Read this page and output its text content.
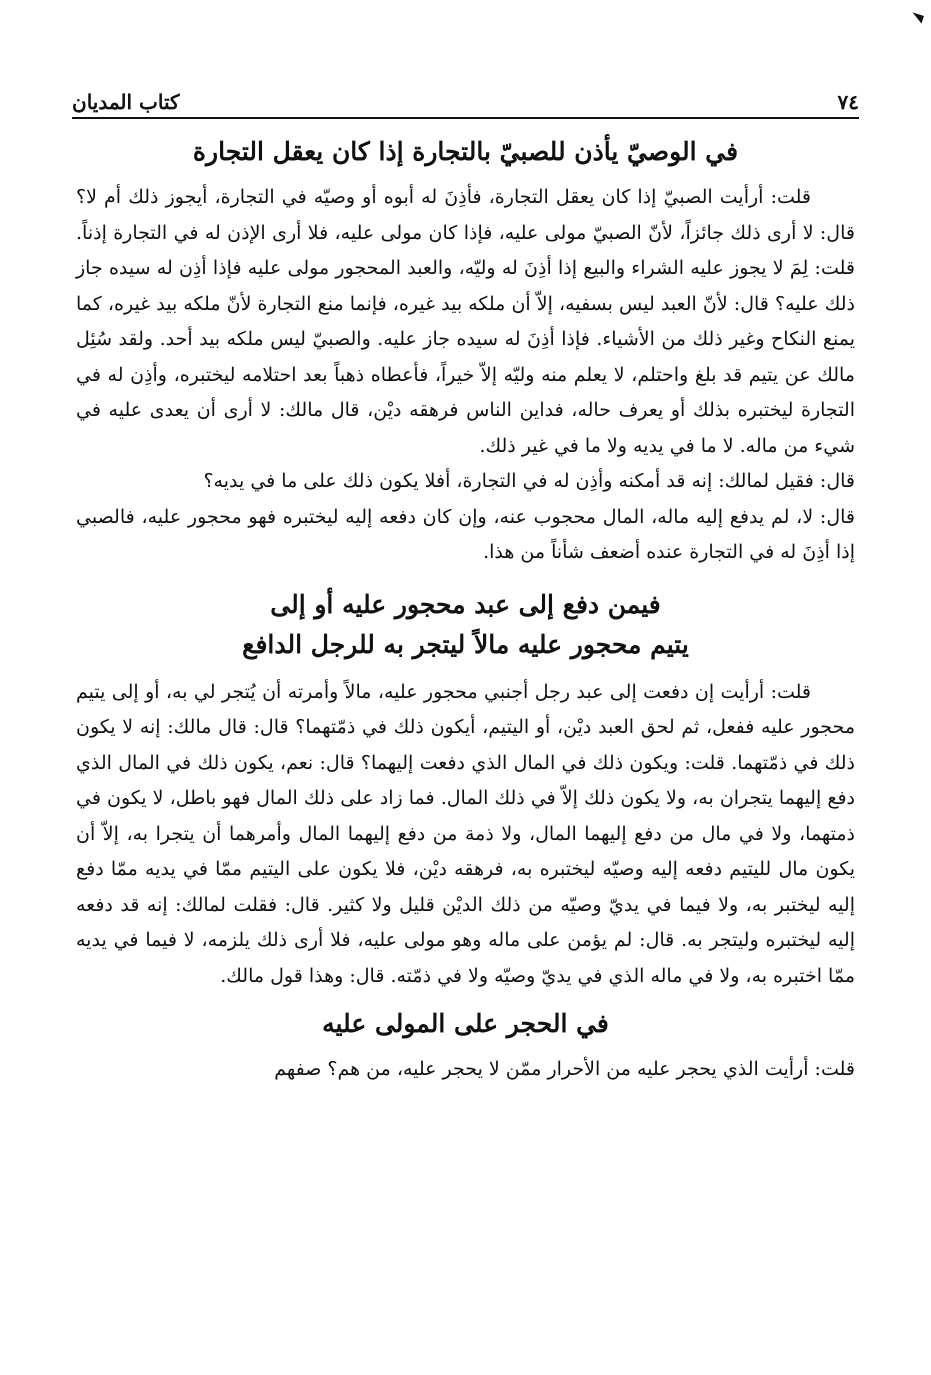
٧٤
كتاب المديان
في الوصيّ يأذن للصبيّ بالتجارة إذا كان يعقل التجارة

قلت: أرأيت الصبيّ إذا كان يعقل التجارة، فأذِنَ له أبوه أو وصيّه في التجارة، أيجوز ذلك أم لا؟ قال: لا أرى ذلك جائزاً، لأنّ الصبيّ مولى عليه، فإذا كان مولى عليه، فلا أرى الإذن له في التجارة إذناً. قلت: لِمَ لا يجوز عليه الشراء والبيع إذا أذِنَ له وليّه، والعبد المحجور مولى عليه فإذا أذِن له سيده جاز ذلك عليه؟ قال: لأنّ العبد ليس بسفيه، إلاّ أن ملكه بيد غيره، فإنما منع التجارة لأنّ ملكه بيد غيره، كما يمنع النكاح وغير ذلك من الأشياء. فإذا أذِنَ له سيده جاز عليه. والصبيّ ليس ملكه بيد أحد. ولقد سُئِل مالك عن يتيم قد بلغ واحتلم، لا يعلم منه وليّه إلاّ خيراً، فأعطاه ذهباً بعد احتلامه ليختبره، وأذِن له في التجارة ليختبره بذلك أو يعرف حاله، فداين الناس فرهقه ديْن، قال مالك: لا أرى أن يعدى عليه في شيء من ماله. لا ما في يديه ولا ما في غير ذلك.

قال: فقيل لمالك: إنه قد أمكنه وأذِن له في التجارة، أفلا يكون ذلك على ما في يديه؟

قال: لا، لم يدفع إليه ماله، المال محجوب عنه، وإن كان دفعه إليه ليختبره فهو محجور عليه، فالصبي إذا أذِنَ له في التجارة عنده أضعف شأناً من هذا.

فيمن دفع إلى عبد محجور عليه أو إلى
يتيم محجور عليه مالاً ليتجر به للرجل الدافع

قلت: أرأيت إن دفعت إلى عبد رجل أجنبي محجور عليه، مالاً وأمرته أن يُتجر لي به، أو إلى يتيم محجور عليه ففعل، ثم لحق العبد ديْن، أو اليتيم، أيكون ذلك في ذمّتهما؟ قال: قال مالك: إنه لا يكون ذلك في ذمّتهما. قلت: ويكون ذلك في المال الذي دفعت إليهما؟ قال: نعم، يكون ذلك في المال الذي دفع إليهما يتجران به، ولا يكون ذلك إلاّ في ذلك المال. فما زاد على ذلك المال فهو باطل، لا يكون في ذمتهما، ولا في مال من دفع إليهما المال، ولا ذمة من دفع إليهما المال وأمرهما أن يتجرا به، إلاّ أن يكون مال لليتيم دفعه إليه وصيّه ليختبره به، فرهقه ديْن، فلا يكون على اليتيم ممّا في يديه ممّا دفع إليه ليختبر به، ولا فيما في يديّ وصيّه من ذلك الديْن قليل ولا كثير. قال: فقلت لمالك: إنه قد دفعه إليه ليختبره وليتجر به. قال: لم يؤمن على ماله وهو مولى عليه، فلا أرى ذلك يلزمه، لا فيما في يديه ممّا اختبره به، ولا في ماله الذي في يديّ وصيّه ولا في ذمّته. قال: وهذا قول مالك.

في الحجر على المولى عليه

قلت: أرأيت الذي يحجر عليه من الأحرار ممّن لا يحجر عليه، من هم؟ صفهم
